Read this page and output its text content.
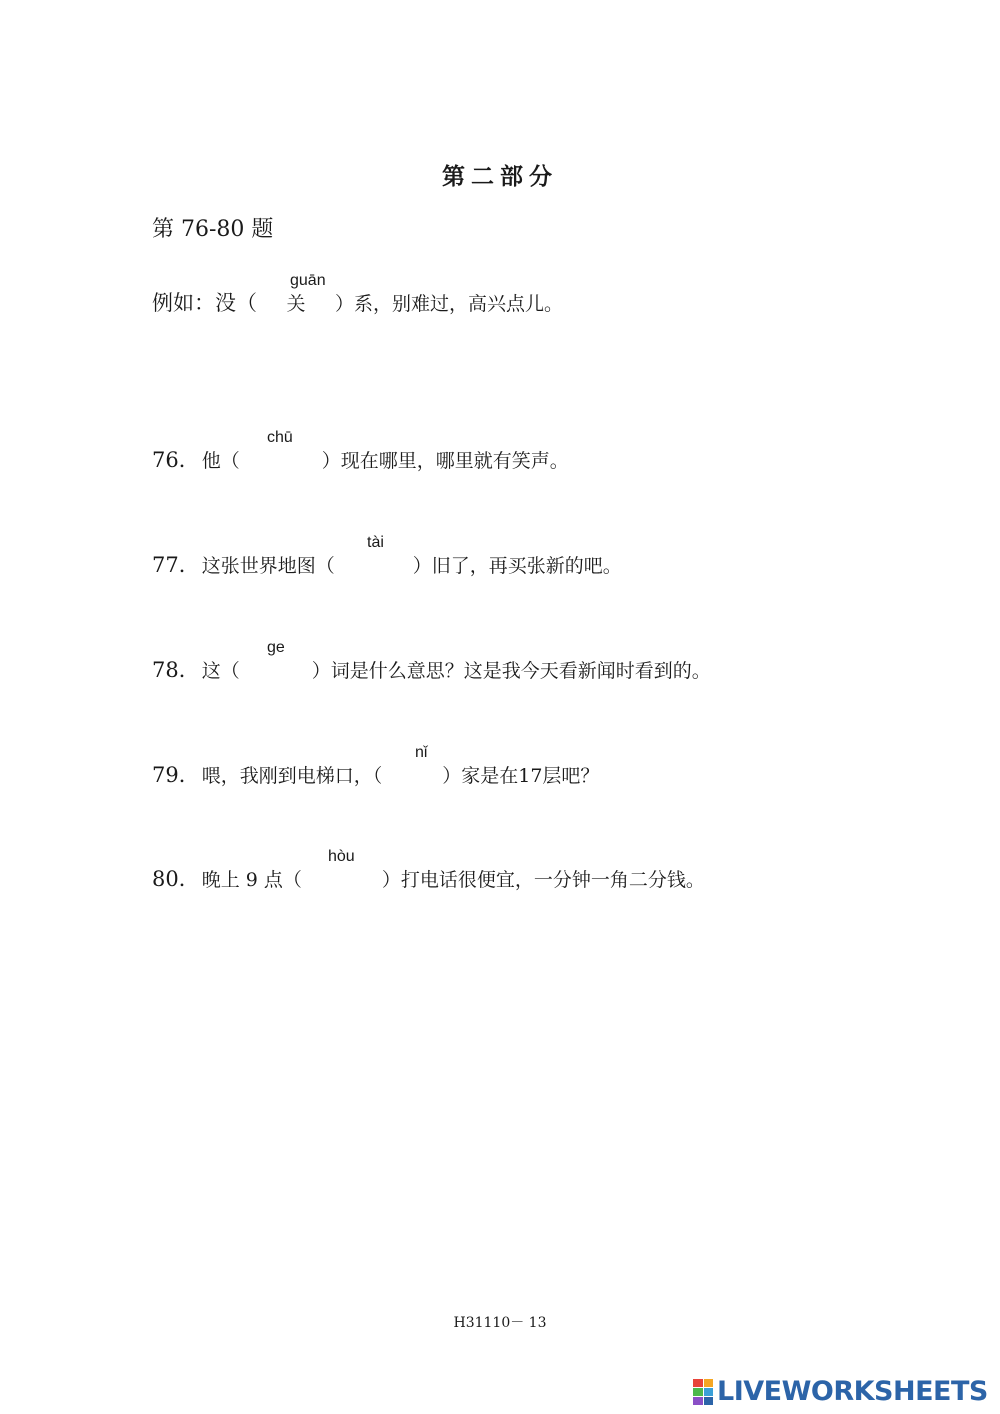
第二部分
第 76-80 题
guān
例如：没（ 关 ）系，别难过，高兴点儿。
chū
76． 他（	）现在哪里，哪里就有笑声。
tài
77． 这张世界地图（	）旧了，再买张新的吧。
ge
78． 这（	）词是什么意思？这是我今天看新闻时看到的。
nǐ
79． 喂，我刚到电梯口，（	）家是在17层吧？
hòu
80． 晚上 9 点（	）打电话很便宜，一分钟一角二分钱。
H31110－ 13
LIVEWORKSHEETS
